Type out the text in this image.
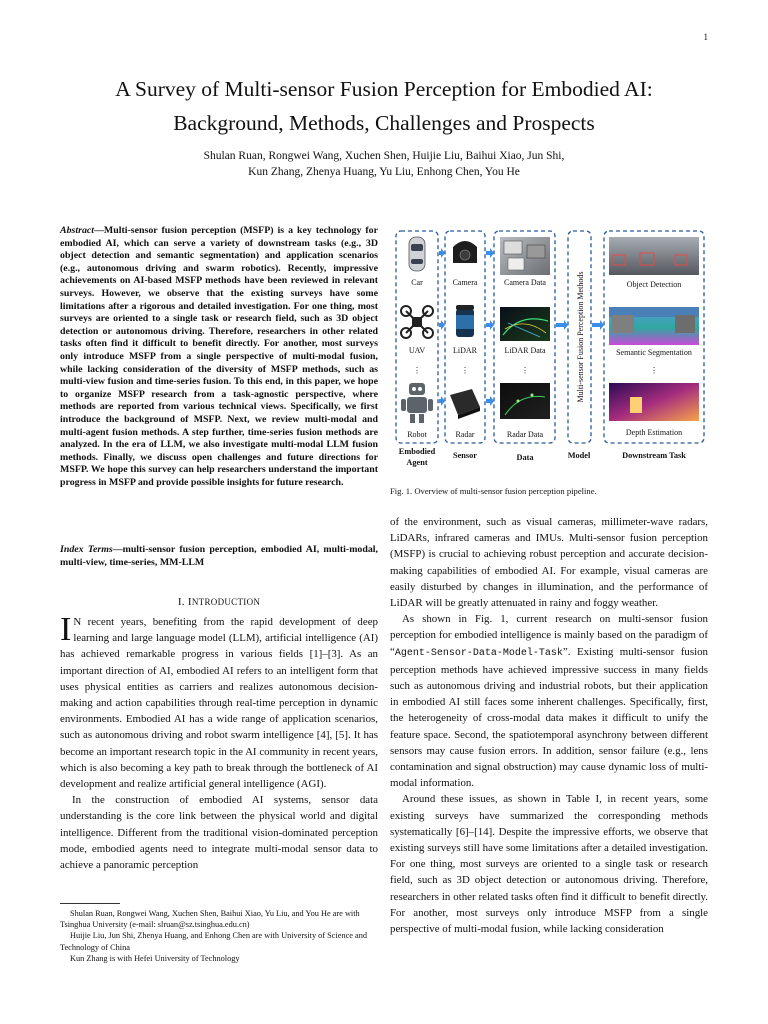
1
A Survey of Multi-sensor Fusion Perception for Embodied AI:
Background, Methods, Challenges and Prospects
Shulan Ruan, Rongwei Wang, Xuchen Shen, Huijie Liu, Baihui Xiao, Jun Shi,
Kun Zhang, Zhenya Huang, Yu Liu, Enhong Chen, You He
Abstract—Multi-sensor fusion perception (MSFP) is a key technology for embodied AI, which can serve a variety of downstream tasks (e.g., 3D object detection and semantic segmentation) and application scenarios (e.g., autonomous driving and swarm robotics). Recently, impressive achievements on AI-based MSFP methods have been reviewed in relevant surveys. However, we observe that the existing surveys have some limitations after a rigorous and detailed investigation. For one thing, most surveys are oriented to a single task or research field, such as 3D object detection or autonomous driving. Therefore, researchers in other related tasks often find it difficult to benefit directly. For another, most surveys only introduce MSFP from a single perspective of multi-modal fusion, while lacking consideration of the diversity of MSFP methods, such as multi-view fusion and time-series fusion. To this end, in this paper, we hope to organize MSFP research from a task-agnostic perspective, where methods are reported from various technical views. Specifically, we first introduce the background of MSFP. Next, we review multi-modal and multi-agent fusion methods. A step further, time-series fusion methods are analyzed. In the era of LLM, we also investigate multi-modal LLM fusion methods. Finally, we discuss open challenges and future directions for MSFP. We hope this survey can help researchers understand the important progress in MSFP and provide possible insights for future research.
Index Terms—multi-sensor fusion perception, embodied AI, multi-modal, multi-view, time-series, MM-LLM
I. INTRODUCTION

I N recent years, benefiting from the rapid development of deep learning and large language model (LLM), artificial intelligence (AI) has achieved remarkable progress in various fields [1]–[3]. As an important direction of AI, embodied AI refers to an intelligent form that uses physical entities as carriers and realizes autonomous decision-making and action capabilities through real-time perception in dynamic environments. Embodied AI has a wide range of application scenarios, such as autonomous driving and robot swarm intelligence [4], [5]. It has become an important research topic in the AI community in recent years, which is also becoming a key path to break through the bottleneck of AI development and realize artificial general intelligence (AGI).

In the construction of embodied AI systems, sensor data understanding is the core link between the physical world and digital intelligence. Different from the traditional vision-dominated perception mode, embodied agents need to integrate multi-modal sensor data to achieve a panoramic perception

Shulan Ruan, Rongwei Wang, Xuchen Shen, Baihui Xiao, Yu Liu, and You He are with Tsinghua University (e-mail: slruan@sz.tsinghua.edu.cn)
Huijie Liu, Jun Shi, Zhenya Huang, and Enhong Chen are with University of Science and Technology of China
Kun Zhang is with Hefei University of Technology
Car
UAV
Robot
Camera
LiDAR
Radar
Camera Data
LiDAR Data
Radar Data
Object Detection
Semantic Segmentation
Depth Estimation
⋮	⋮	⋮	⋮
Multi-sensor Fusion Perception Methods
Embodied
Agent
Sensor	Data	Model	Downstream Task
Fig. 1. Overview of multi-sensor fusion perception pipeline.

of the environment, such as visual cameras, millimeter-wave radars, LiDARs, infrared cameras and IMUs. Multi-sensor fusion perception (MSFP) is crucial to achieving robust perception and accurate decision-making capabilities of embodied AI. For example, visual cameras are easily disturbed by changes in illumination, and the performance of LiDAR will be greatly attenuated in rainy and foggy weather.

As shown in Fig. 1, current research on multi-sensor fusion perception for embodied intelligence is mainly based on the paradigm of “Agent-Sensor-Data-Model-Task”. Existing multi-sensor fusion perception methods have achieved impressive success in many fields such as autonomous driving and industrial robots, but their application in embodied AI still faces some inherent challenges. Specifically, first, the heterogeneity of cross-modal data makes it difficult to unify the feature space. Second, the spatiotemporal asynchrony between different sensors may cause fusion errors. In addition, sensor failure (e.g., lens contamination and signal obstruction) may cause dynamic loss of multi-modal information.

Around these issues, as shown in Table I, in recent years, some existing surveys have summarized the corresponding methods systematically [6]–[14]. Despite the impressive efforts, we observe that existing surveys still have some limitations after a detailed investigation. For one thing, most surveys are oriented to a single task or research field, such as 3D object detection or autonomous driving. Therefore, researchers in other related tasks often find it difficult to benefit directly. For another, most surveys only introduce MSFP from a single perspective of multi-modal fusion, while lacking consideration
